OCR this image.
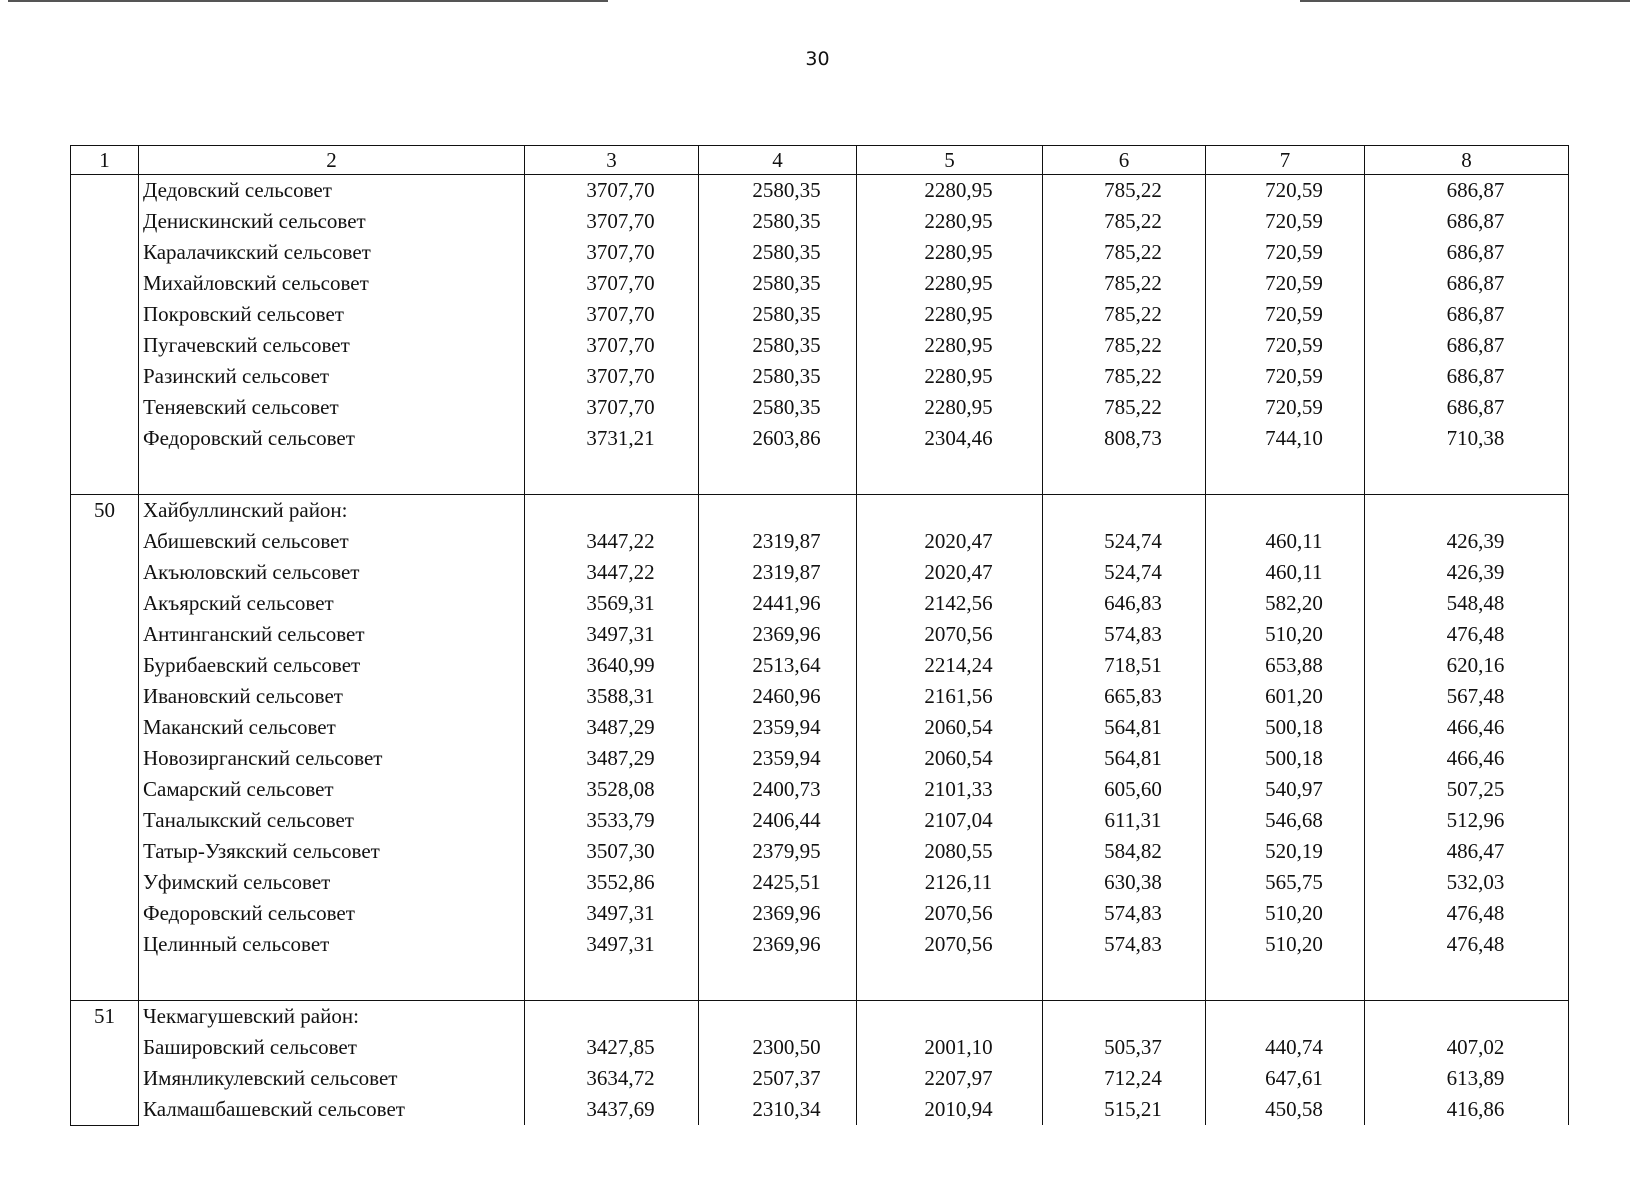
30
1	2	3	4	5	6	7	8
	Дедовский сельсовет	3707,70	2580,35	2280,95	785,22	720,59	686,87
	Денискинский сельсовет	3707,70	2580,35	2280,95	785,22	720,59	686,87
	Каралачикский сельсовет	3707,70	2580,35	2280,95	785,22	720,59	686,87
	Михайловский сельсовет	3707,70	2580,35	2280,95	785,22	720,59	686,87
	Покровский сельсовет	3707,70	2580,35	2280,95	785,22	720,59	686,87
	Пугачевский сельсовет	3707,70	2580,35	2280,95	785,22	720,59	686,87
	Разинский сельсовет	3707,70	2580,35	2280,95	785,22	720,59	686,87
	Теняевский сельсовет	3707,70	2580,35	2280,95	785,22	720,59	686,87
	Федоровский сельсовет	3731,21	2603,86	2304,46	808,73	744,10	710,38

50	Хайбуллинский район:						
	Абишевский сельсовет	3447,22	2319,87	2020,47	524,74	460,11	426,39
	Акъюловский сельсовет	3447,22	2319,87	2020,47	524,74	460,11	426,39
	Акъярский сельсовет	3569,31	2441,96	2142,56	646,83	582,20	548,48
	Антинганский сельсовет	3497,31	2369,96	2070,56	574,83	510,20	476,48
	Бурибаевский сельсовет	3640,99	2513,64	2214,24	718,51	653,88	620,16
	Ивановский сельсовет	3588,31	2460,96	2161,56	665,83	601,20	567,48
	Маканский сельсовет	3487,29	2359,94	2060,54	564,81	500,18	466,46
	Новозирганский сельсовет	3487,29	2359,94	2060,54	564,81	500,18	466,46
	Самарский сельсовет	3528,08	2400,73	2101,33	605,60	540,97	507,25
	Таналыкский сельсовет	3533,79	2406,44	2107,04	611,31	546,68	512,96
	Татыр-Узякский сельсовет	3507,30	2379,95	2080,55	584,82	520,19	486,47
	Уфимский сельсовет	3552,86	2425,51	2126,11	630,38	565,75	532,03
	Федоровский сельсовет	3497,31	2369,96	2070,56	574,83	510,20	476,48
	Целинный сельсовет	3497,31	2369,96	2070,56	574,83	510,20	476,48

51	Чекмагушевский район:						
	Башировский сельсовет	3427,85	2300,50	2001,10	505,37	440,74	407,02
	Имянликулевский сельсовет	3634,72	2507,37	2207,97	712,24	647,61	613,89
	Калмашбашевский сельсовет	3437,69	2310,34	2010,94	515,21	450,58	416,86
